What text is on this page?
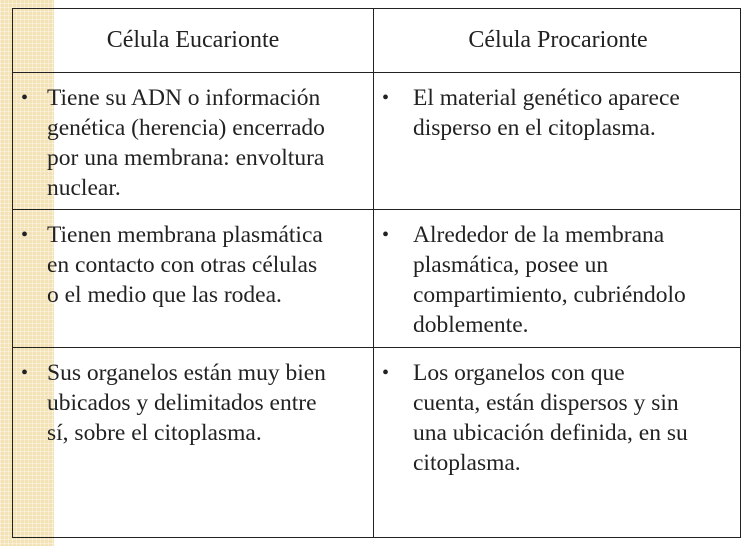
Célula Eucarionte	Célula Procarionte
• Tiene su ADN o información
genética (herencia) encerrado
por una membrana: envoltura
nuclear.
• El material genético aparece
disperso en el citoplasma.
• Tienen membrana plasmática
en contacto con otras células
o el medio que las rodea.
• Alrededor de la membrana
plasmática, posee un
compartimiento, cubriéndolo
doblemente.
• Sus organelos están muy bien
ubicados y delimitados entre
sí, sobre el citoplasma.
• Los organelos con que
cuenta, están dispersos y sin
una ubicación definida, en su
citoplasma.
